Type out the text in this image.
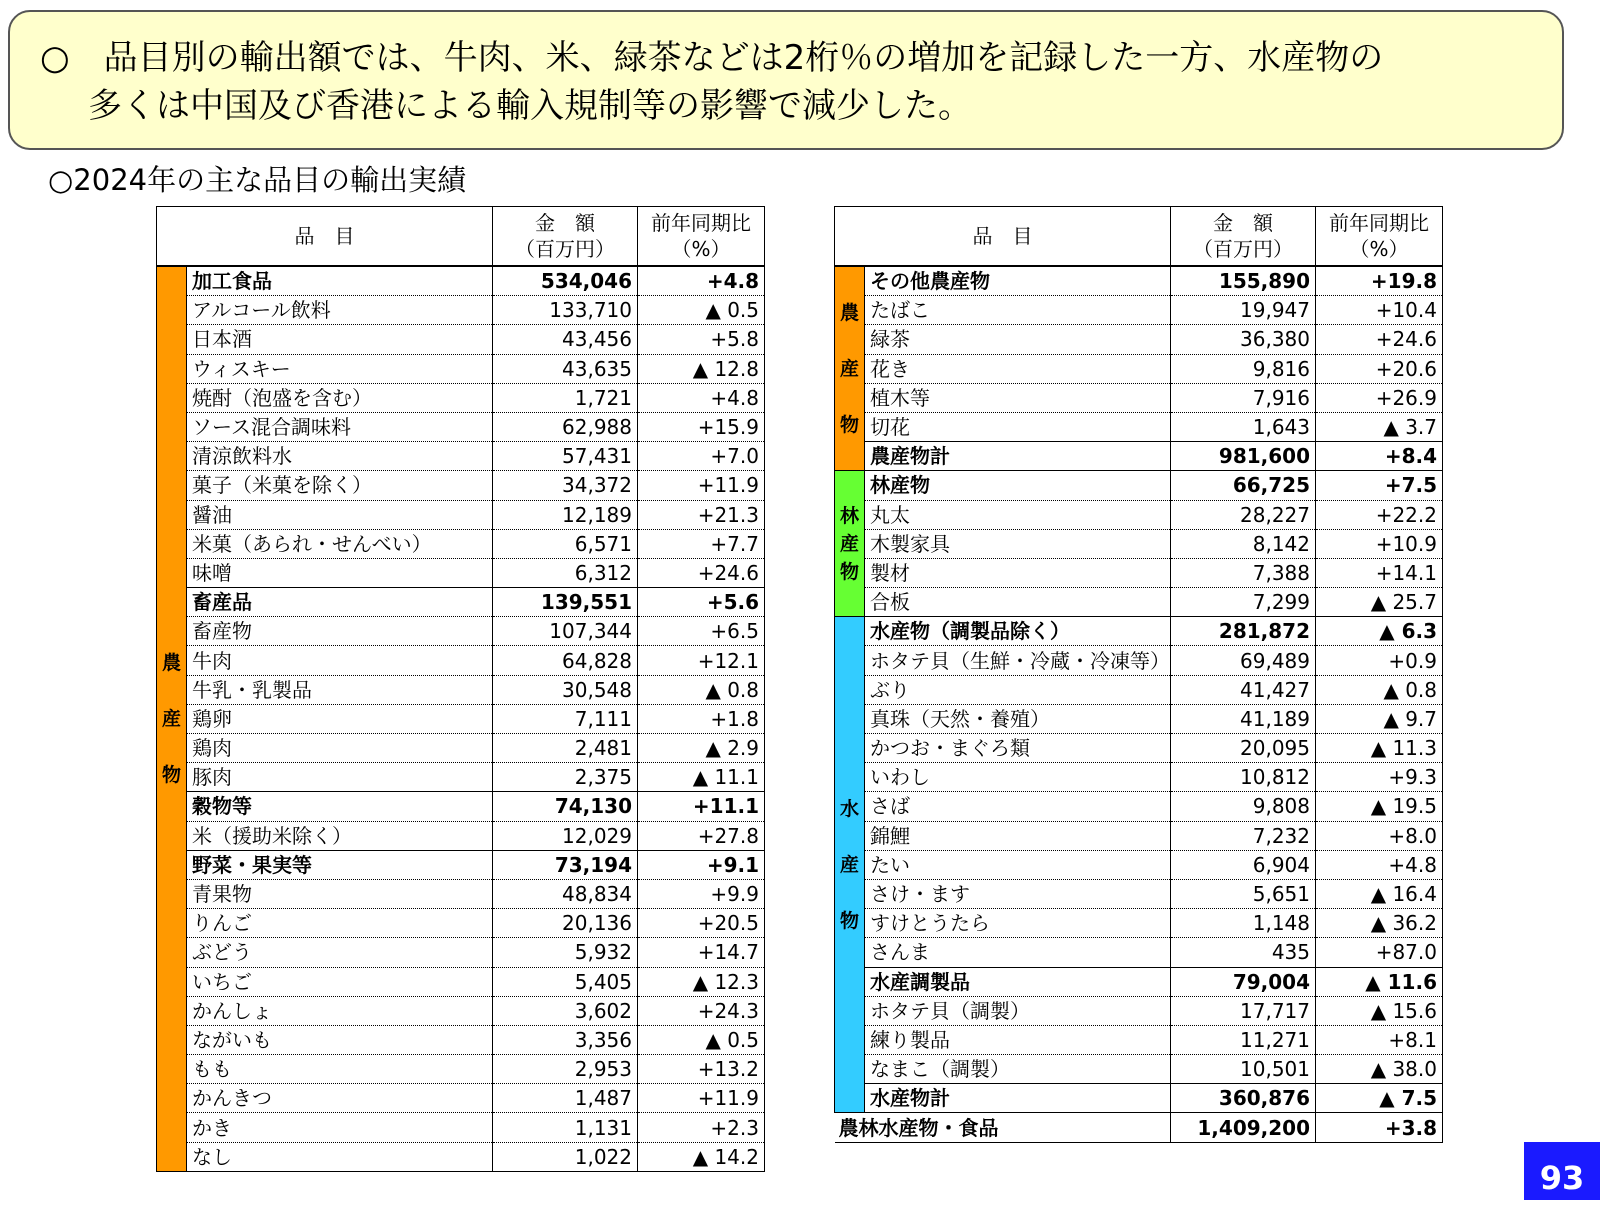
○　品目別の輸出額では、牛肉、米、緑茶などは2桁％の増加を記録した一方、水産物の
多くは中国及び香港による輸入規制等の影響で減少した。
○2024年の主な品目の輸出実績
品　目		金　額
（百万円）	前年同期比
（%）
農
産
物	加工食品	534,046	+4.8
	アルコール飲料	133,710	▲ 0.5
	日本酒	43,456	+5.8
	ウィスキー	43,635	▲ 12.8
	焼酎（泡盛を含む）	1,721	+4.8
	ソース混合調味料	62,988	+15.9
	清涼飲料水	57,431	+7.0
	菓子（米菓を除く）	34,372	+11.9
	醤油	12,189	+21.3
	米菓（あられ・せんべい）	6,571	+7.7
	味噌	6,312	+24.6
	畜産品	139,551	+5.6
	畜産物	107,344	+6.5
	牛肉	64,828	+12.1
	牛乳・乳製品	30,548	▲ 0.8
	鶏卵	7,111	+1.8
	鶏肉	2,481	▲ 2.9
	豚肉	2,375	▲ 11.1
	穀物等	74,130	+11.1
	米（援助米除く）	12,029	+27.8
	野菜・果実等	73,194	+9.1
	青果物	48,834	+9.9
	りんご	20,136	+20.5
	ぶどう	5,932	+14.7
	いちご	5,405	▲ 12.3
	かんしょ	3,602	+24.3
	ながいも	3,356	▲ 0.5
	もも	2,953	+13.2
	かんきつ	1,487	+11.9
	かき	1,131	+2.3
	なし	1,022	▲ 14.2
品　目		金　額
（百万円）	前年同期比
（%）
農
産
物	その他農産物	155,890	+19.8
	たばこ	19,947	+10.4
	緑茶	36,380	+24.6
	花き	9,816	+20.6
	植木等	7,916	+26.9
	切花	1,643	▲ 3.7
	農産物計	981,600	+8.4
林
産
物	林産物	66,725	+7.5
	丸太	28,227	+22.2
	木製家具	8,142	+10.9
	製材	7,388	+14.1
	合板	7,299	▲ 25.7
水
産
物	水産物（調製品除く）	281,872	▲ 6.3
	ホタテ貝（生鮮・冷蔵・冷凍等）	69,489	+0.9
	ぶり	41,427	▲ 0.8
	真珠（天然・養殖）	41,189	▲ 9.7
	かつお・まぐろ類	20,095	▲ 11.3
	いわし	10,812	+9.3
	さば	9,808	▲ 19.5
	錦鯉	7,232	+8.0
	たい	6,904	+4.8
	さけ・ます	5,651	▲ 16.4
	すけとうたら	1,148	▲ 36.2
	さんま	435	+87.0
	水産調製品	79,004	▲ 11.6
	ホタテ貝（調製）	17,717	▲ 15.6
	練り製品	11,271	+8.1
	なまこ（調製）	10,501	▲ 38.0
	水産物計	360,876	▲ 7.5
農林水産物・食品		1,409,200	+3.8
93
